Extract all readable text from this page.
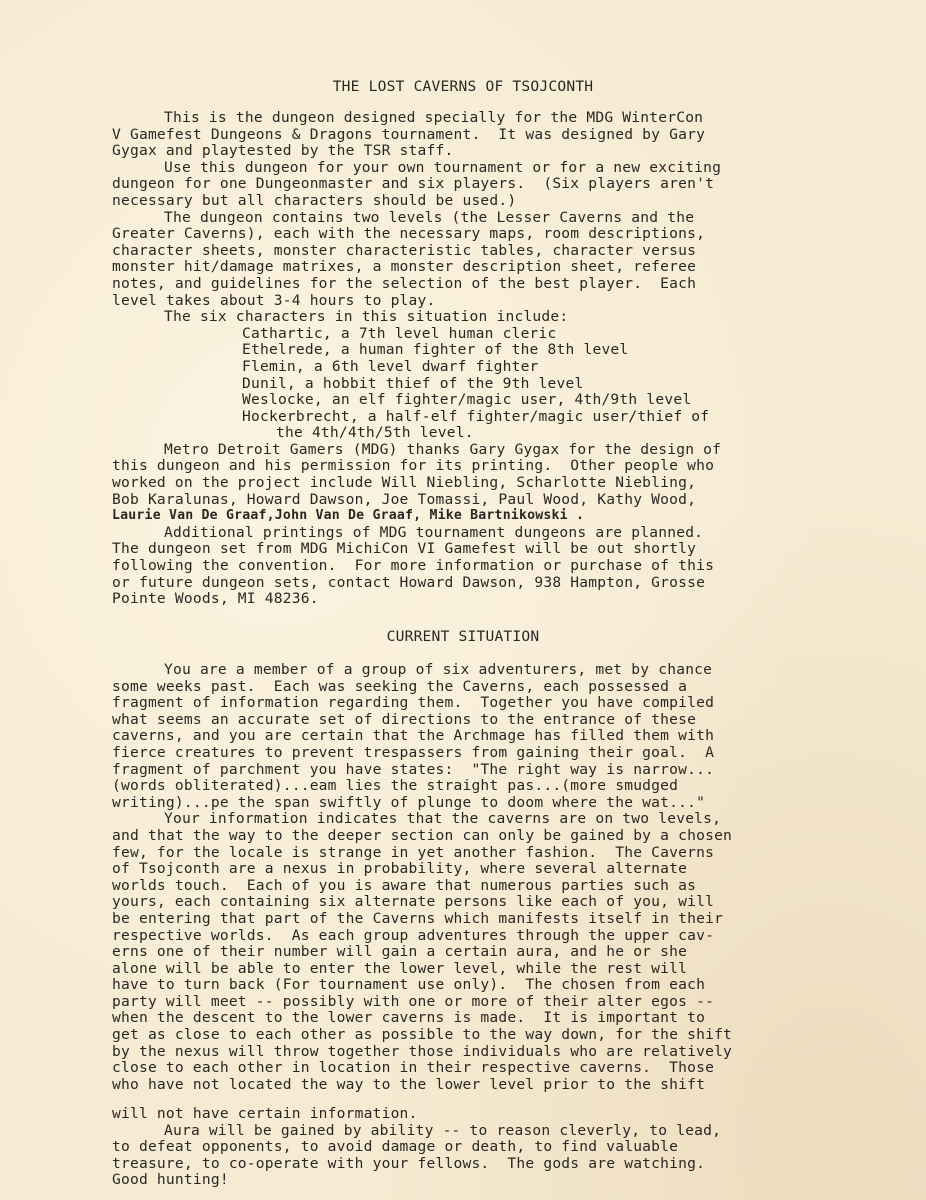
THE LOST CAVERNS OF TSOJCONTH
This is the dungeon designed specially for the MDG WinterCon
V Gamefest Dungeons & Dragons tournament.  It was designed by Gary
Gygax and playtested by the TSR staff.
Use this dungeon for your own tournament or for a new exciting
dungeon for one Dungeonmaster and six players.  (Six players aren't
necessary but all characters should be used.)
The dungeon contains two levels (the Lesser Caverns and the
Greater Caverns), each with the necessary maps, room descriptions,
character sheets, monster characteristic tables, character versus
monster hit/damage matrixes, a monster description sheet, referee
notes, and guidelines for the selection of the best player.  Each
level takes about 3-4 hours to play.
The six characters in this situation include:
Cathartic, a 7th level human cleric
Ethelrede, a human fighter of the 8th level
Flemin, a 6th level dwarf fighter
Dunil, a hobbit thief of the 9th level
Weslocke, an elf fighter/magic user, 4th/9th level
Hockerbrecht, a half-elf fighter/magic user/thief of
the 4th/4th/5th level.
Metro Detroit Gamers (MDG) thanks Gary Gygax for the design of
this dungeon and his permission for its printing.  Other people who
worked on the project include Will Niebling, Scharlotte Niebling,
Bob Karalunas, Howard Dawson, Joe Tomassi, Paul Wood, Kathy Wood,
Laurie Van De Graaf,John Van De Graaf, Mike Bartnikowski .
Additional printings of MDG tournament dungeons are planned.
The dungeon set from MDG MichiCon VI Gamefest will be out shortly
following the convention.  For more information or purchase of this
or future dungeon sets, contact Howard Dawson, 938 Hampton, Grosse
Pointe Woods, MI 48236.
CURRENT SITUATION
You are a member of a group of six adventurers, met by chance
some weeks past.  Each was seeking the Caverns, each possessed a
fragment of information regarding them.  Together you have compiled
what seems an accurate set of directions to the entrance of these
caverns, and you are certain that the Archmage has filled them with
fierce creatures to prevent trespassers from gaining their goal.  A
fragment of parchment you have states:  "The right way is narrow...
(words obliterated)...eam lies the straight pas...(more smudged
writing)...pe the span swiftly of plunge to doom where the wat..."
Your information indicates that the caverns are on two levels,
and that the way to the deeper section can only be gained by a chosen
few, for the locale is strange in yet another fashion.  The Caverns
of Tsojconth are a nexus in probability, where several alternate
worlds touch.  Each of you is aware that numerous parties such as
yours, each containing six alternate persons like each of you, will
be entering that part of the Caverns which manifests itself in their
respective worlds.  As each group adventures through the upper cav-
erns one of their number will gain a certain aura, and he or she
alone will be able to enter the lower level, while the rest will
have to turn back (For tournament use only).  The chosen from each
party will meet -- possibly with one or more of their alter egos --
when the descent to the lower caverns is made.  It is important to
get as close to each other as possible to the way down, for the shift
by the nexus will throw together those individuals who are relatively
close to each other in location in their respective caverns.  Those
who have not located the way to the lower level prior to the shift
will not have certain information.
Aura will be gained by ability -- to reason cleverly, to lead,
to defeat opponents, to avoid damage or death, to find valuable
treasure, to co-operate with your fellows.  The gods are watching.
Good hunting!
